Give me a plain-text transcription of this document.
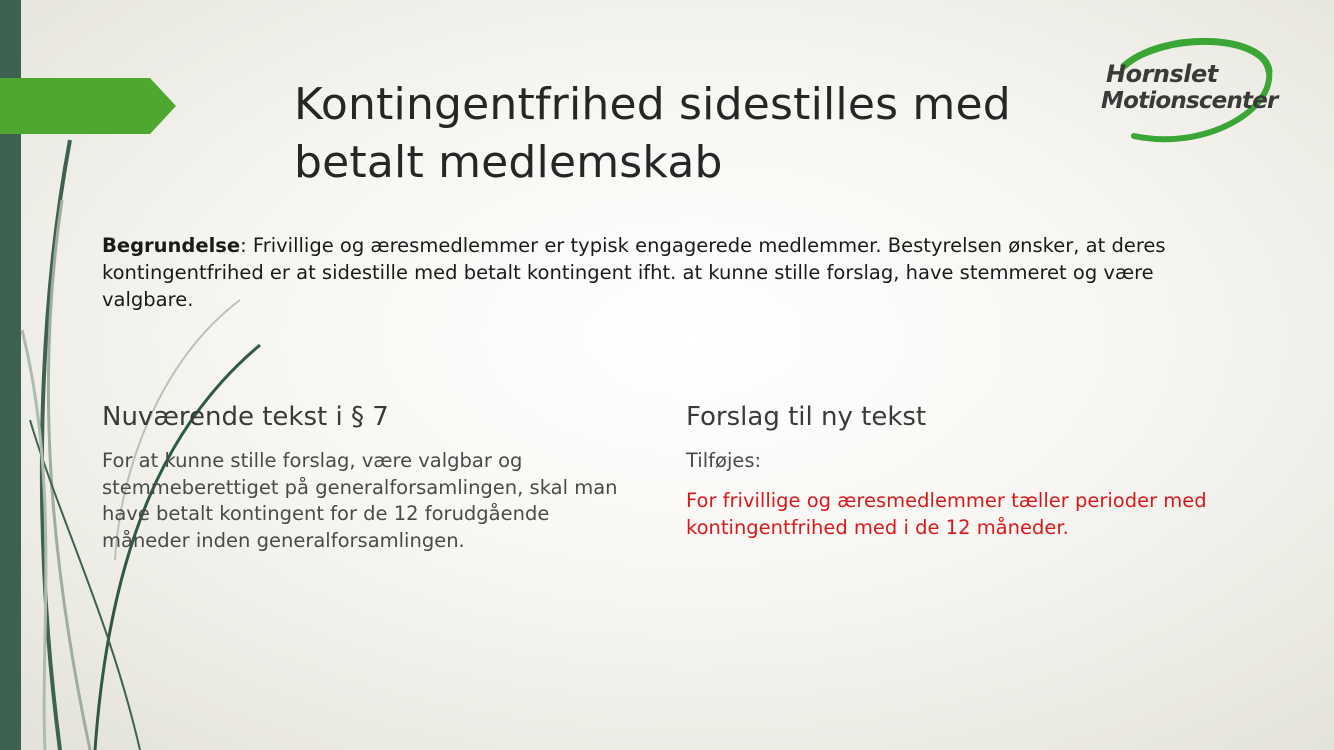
Kontingentfrihed sidestilles med betalt medlemskab
Hornslet
Motionscenter

Begrundelse: Frivillige og æresmedlemmer er typisk engagerede medlemmer. Bestyrelsen ønsker, at deres kontingentfrihed er at sidestille med betalt kontingent ifht. at kunne stille forslag, have stemmeret og være valgbare.

Nuværende tekst i § 7

For at kunne stille forslag, være valgbar og stemmeberettiget på generalforsamlingen, skal man have betalt kontingent for de 12 forudgående måneder inden generalforsamlingen.

Forslag til ny tekst

Tilføjes:

For frivillige og æresmedlemmer tæller perioder med kontingentfrihed med i de 12 måneder.
